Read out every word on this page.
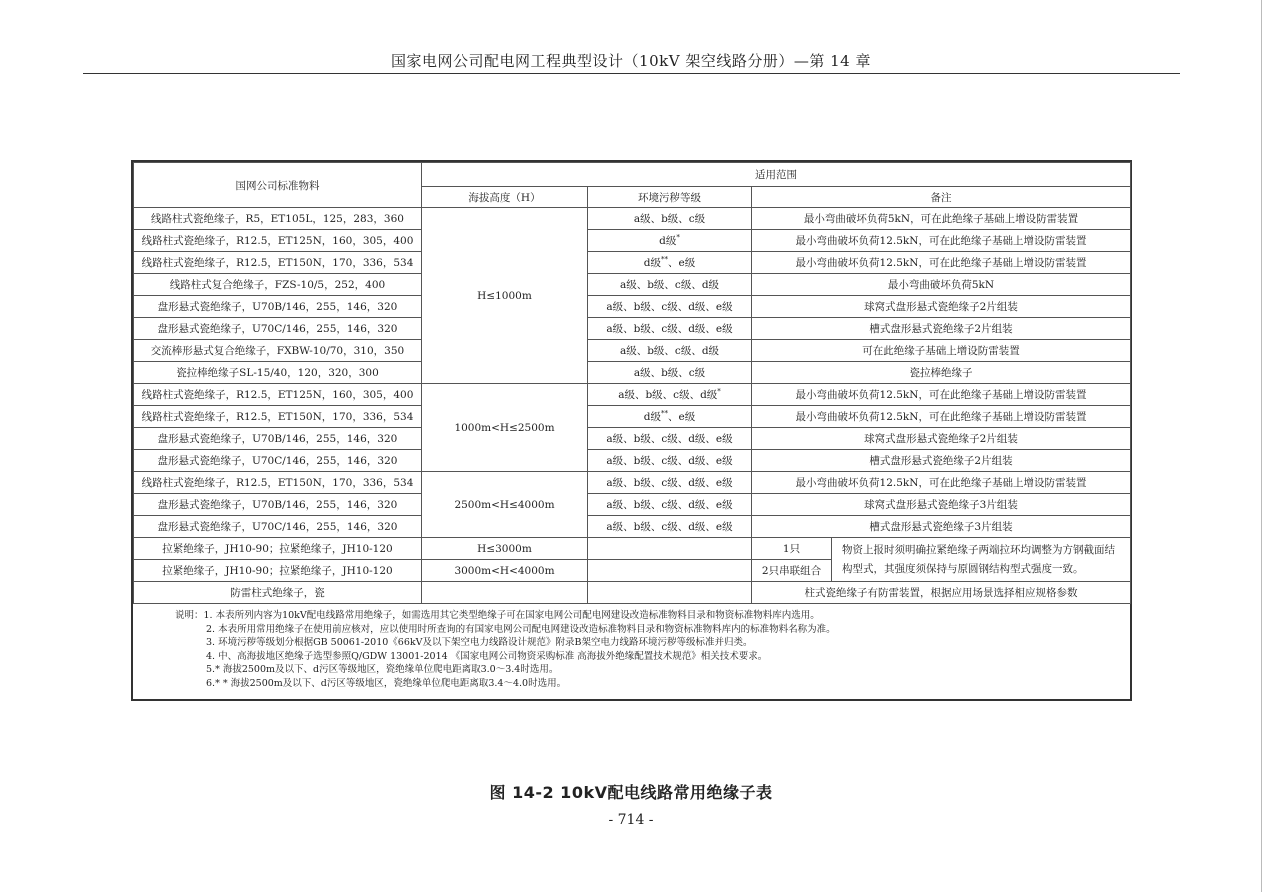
国家电网公司配电网工程典型设计（10kV 架空线路分册）—第 14 章
国网公司标准物料	适用范围			
	海拔高度（H）	环境污秽等级	备注	
线路柱式瓷绝缘子，R5，ET105L，125，283，360	H≤1000m	a级、b级、c级	最小弯曲破坏负荷5kN，可在此绝缘子基础上增设防雷装置	
线路柱式瓷绝缘子，R12.5，ET125N，160，305，400		d级*	最小弯曲破坏负荷12.5kN，可在此绝缘子基础上增设防雷装置	
线路柱式瓷绝缘子，R12.5，ET150N，170，336，534		d级**、e级	最小弯曲破坏负荷12.5kN，可在此绝缘子基础上增设防雷装置	
线路柱式复合绝缘子，FZS-10/5，252，400		a级、b级、c级、d级	最小弯曲破坏负荷5kN	
盘形悬式瓷绝缘子，U70B/146，255，146，320		a级、b级、c级、d级、e级	球窝式盘形悬式瓷绝缘子2片组装	
盘形悬式瓷绝缘子，U70C/146，255，146，320		a级、b级、c级、d级、e级	槽式盘形悬式瓷绝缘子2片组装	
交流棒形悬式复合绝缘子，FXBW-10/70，310，350		a级、b级、c级、d级	可在此绝缘子基础上增设防雷装置	
瓷拉棒绝缘子SL-15/40，120，320，300		a级、b级、c级	瓷拉棒绝缘子	
线路柱式瓷绝缘子，R12.5，ET125N，160，305，400	1000m<H≤2500m	a级、b级、c级、d级*	最小弯曲破坏负荷12.5kN，可在此绝缘子基础上增设防雷装置	
线路柱式瓷绝缘子，R12.5，ET150N，170，336，534		d级**、e级	最小弯曲破坏负荷12.5kN，可在此绝缘子基础上增设防雷装置	
盘形悬式瓷绝缘子，U70B/146，255，146，320		a级、b级、c级、d级、e级	球窝式盘形悬式瓷绝缘子2片组装	
盘形悬式瓷绝缘子，U70C/146，255，146，320		a级、b级、c级、d级、e级	槽式盘形悬式瓷绝缘子2片组装	
线路柱式瓷绝缘子，R12.5，ET150N，170，336，534	2500m<H≤4000m	a级、b级、c级、d级、e级	最小弯曲破坏负荷12.5kN，可在此绝缘子基础上增设防雷装置	
盘形悬式瓷绝缘子，U70B/146，255，146，320		a级、b级、c级、d级、e级	球窝式盘形悬式瓷绝缘子3片组装	
盘形悬式瓷绝缘子，U70C/146，255，146，320		a级、b级、c级、d级、e级	槽式盘形悬式瓷绝缘子3片组装	
拉紧绝缘子，JH10-90；拉紧绝缘子，JH10-120	H≤3000m		1只	物资上报时须明确拉紧绝缘子两端拉环均调整为方钢截面结构型式，其强度须保持与原圆钢结构型式强度一致。
拉紧绝缘子，JH10-90；拉紧绝缘子，JH10-120	3000m<H<4000m		2只串联组合	
防雷柱式绝缘子，瓷			柱式瓷绝缘子有防雷装置，根据应用场景选择相应规格参数	
说明：1. 本表所列内容为10kV配电线路常用绝缘子，如需选用其它类型绝缘子可在国家电网公司配电网建设改造标准物料目录和物资标准物料库内选用。
2. 本表所用常用绝缘子在使用前应核对，应以使用时所查询的有国家电网公司配电网建设改造标准物料目录和物资标准物料库内的标准物料名称为准。
3. 环境污秽等级划分根据GB 50061-2010《66kV及以下架空电力线路设计规范》附录B架空电力线路环境污秽等级标准并归类。
4. 中、高海拔地区绝缘子选型参照Q/GDW 13001-2014 《国家电网公司物资采购标准 高海拔外绝缘配置技术规范》相关技术要求。
5.* 海拔2500m及以下、d污区等级地区，瓷绝缘单位爬电距离取3.0～3.4时选用。
6.* * 海拔2500m及以下、d污区等级地区，瓷绝缘单位爬电距离取3.4～4.0时选用。
图 14-2 10kV配电线路常用绝缘子表
- 714 -
